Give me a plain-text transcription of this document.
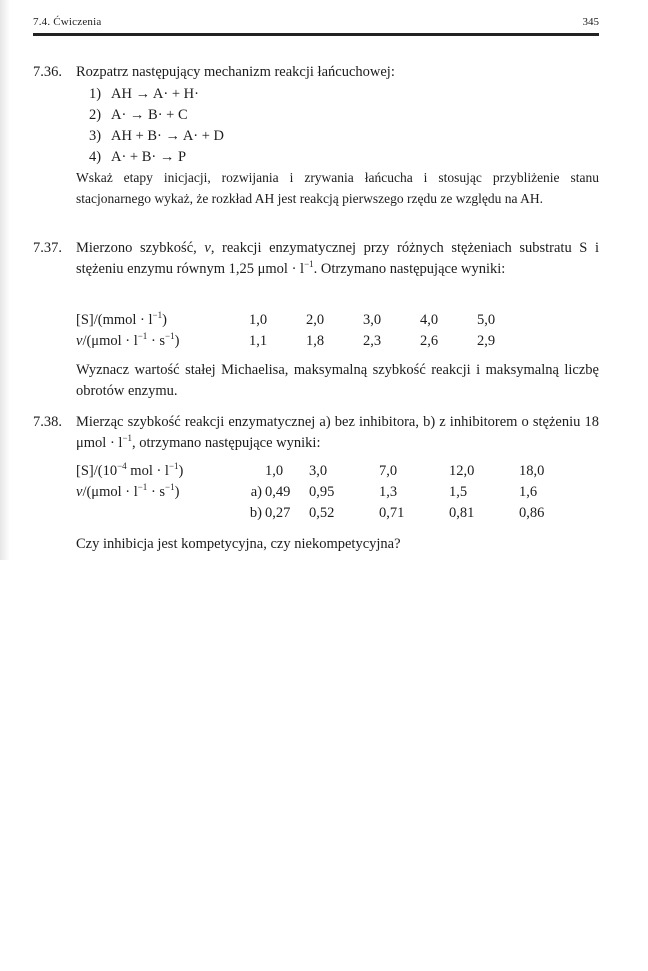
7.4. Ćwiczenia	345
7.36. Rozpatrz następujący mechanizm reakcji łańcuchowej:

1) AH → A· + H·
2) A· → B· + C
3) AH + B· → A· + D
4) A· + B· → P

Wskaż etapy inicjacji, rozwijania i zrywania łańcucha i stosując przybliżenie stanu stacjonarnego wykaż, że rozkład AH jest reakcją pierwszego rzędu ze względu na AH.

7.37. Mierzono szybkość, v, reakcji enzymatycznej przy różnych stężeniach substratu S i stężeniu enzymu równym 1,25 $\mu mol \cdot l^{-1}$. Otrzymano następujące wyniki:

[S]/(mmol · $l^{-1}$)	1,0	2,0	3,0	4,0	5,0
$v/(\mu mol \cdot l^{-1} \cdot s^{-1})$	1,1	1,8	2,3	2,6	2,9

Wyznacz wartość stałej Michaelisa, maksymalną szybkość reakcji i maksymalną liczbę obrotów enzymu.

7.38. Mierząc szybkość reakcji enzymatycznej a) bez inhibitora, b) z inhibitorem o stężeniu 18 $\mu mol \cdot l^{-1}$, otrzymano następujące wyniki:

$[S]/(10^{-4}$ mol · $l^{-1}$)		1,0	3,0	7,0	12,0	18,0
$v/(\mu mol \cdot l^{-1} \cdot s^{-1})$	a)	0,49	0,95	1,3	1,5	1,6
	b)	0,27	0,52	0,71	0,81	0,86

Czy inhibicja jest kompetycyjna, czy niekompetycyjna?
